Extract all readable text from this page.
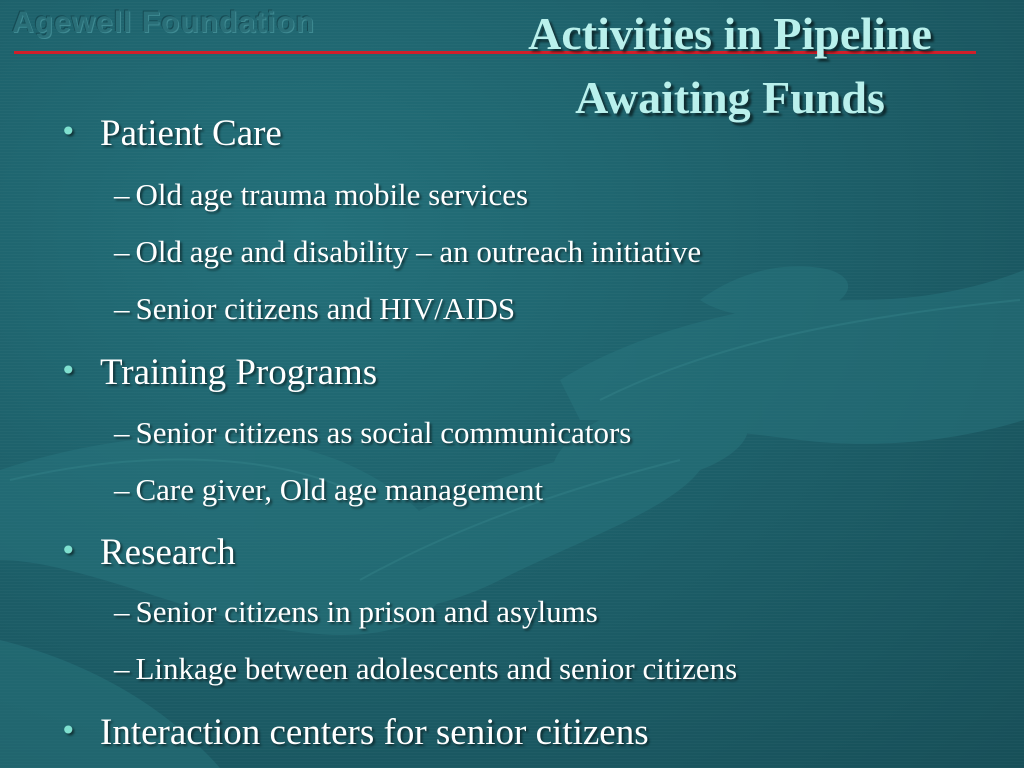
Agewell Foundation	Activities in Pipeline
Awaiting Funds
• Patient Care
– Old age trauma mobile services
– Old age and disability – an outreach initiative
– Senior citizens and HIV/AIDS
• Training Programs
– Senior citizens as social communicators
– Care giver, Old age management
• Research
– Senior citizens in prison and asylums
– Linkage between adolescents and senior citizens
• Interaction centers for senior citizens
